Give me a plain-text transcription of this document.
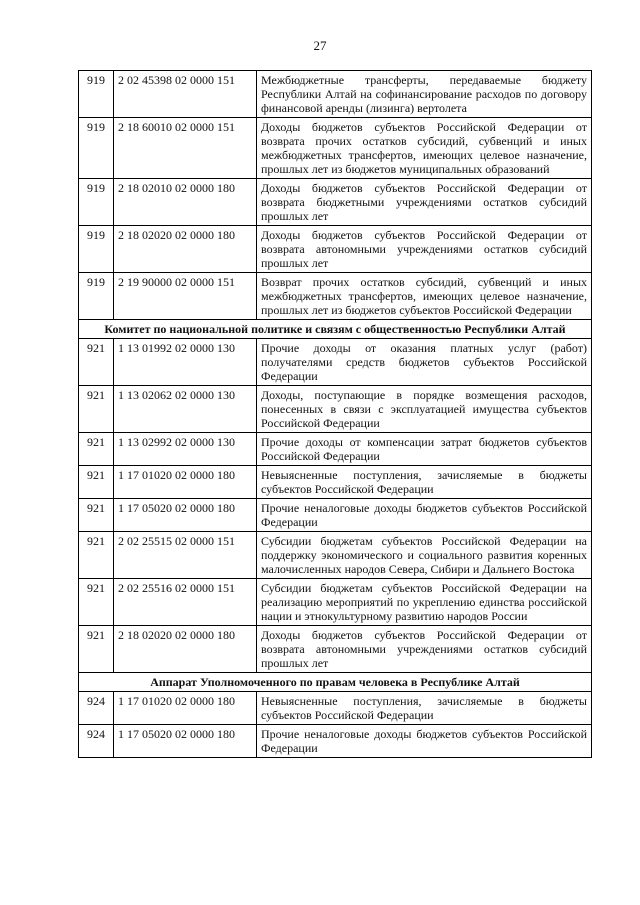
27
919	2 02 45398 02 0000 151	Межбюджетные трансферты, передаваемые бюджету Республики Алтай на софинансирование расходов по договору финансовой аренды (лизинга) вертолета
919	2 18 60010 02 0000 151	Доходы бюджетов субъектов Российской Федерации от возврата прочих остатков субсидий, субвенций и иных межбюджетных трансфертов, имеющих целевое назначение, прошлых лет из бюджетов муниципальных образований
919	2 18 02010 02 0000 180	Доходы бюджетов субъектов Российской Федерации от возврата бюджетными учреждениями остатков субсидий прошлых лет
919	2 18 02020 02 0000 180	Доходы бюджетов субъектов Российской Федерации от возврата автономными учреждениями остатков субсидий прошлых лет
919	2 19 90000 02 0000 151	Возврат прочих остатков субсидий, субвенций и иных межбюджетных трансфертов, имеющих целевое назначение, прошлых лет из бюджетов субъектов Российской Федерации
Комитет по национальной политике и связям с общественностью Республики Алтай		
921	1 13 01992 02 0000 130	Прочие доходы от оказания платных услуг (работ) получателями средств бюджетов субъектов Российской Федерации
921	1 13 02062 02 0000 130	Доходы, поступающие в порядке возмещения расходов, понесенных в связи с эксплуатацией имущества субъектов Российской Федерации
921	1 13 02992 02 0000 130	Прочие доходы от компенсации затрат бюджетов субъектов Российской Федерации
921	1 17 01020 02 0000 180	Невыясненные поступления, зачисляемые в бюджеты субъектов Российской Федерации
921	1 17 05020 02 0000 180	Прочие неналоговые доходы бюджетов субъектов Российской Федерации
921	2 02 25515 02 0000 151	Субсидии бюджетам субъектов Российской Федерации на поддержку экономического и социального развития коренных малочисленных народов Севера, Сибири и Дальнего Востока
921	2 02 25516 02 0000 151	Субсидии бюджетам субъектов Российской Федерации на реализацию мероприятий по укреплению единства российской нации и этнокультурному развитию народов России
921	2 18 02020 02 0000 180	Доходы бюджетов субъектов Российской Федерации от возврата автономными учреждениями остатков субсидий прошлых лет
Аппарат Уполномоченного по правам человека в Республике Алтай		
924	1 17 01020 02 0000 180	Невыясненные поступления, зачисляемые в бюджеты субъектов Российской Федерации
924	1 17 05020 02 0000 180	Прочие неналоговые доходы бюджетов субъектов Российской Федерации
